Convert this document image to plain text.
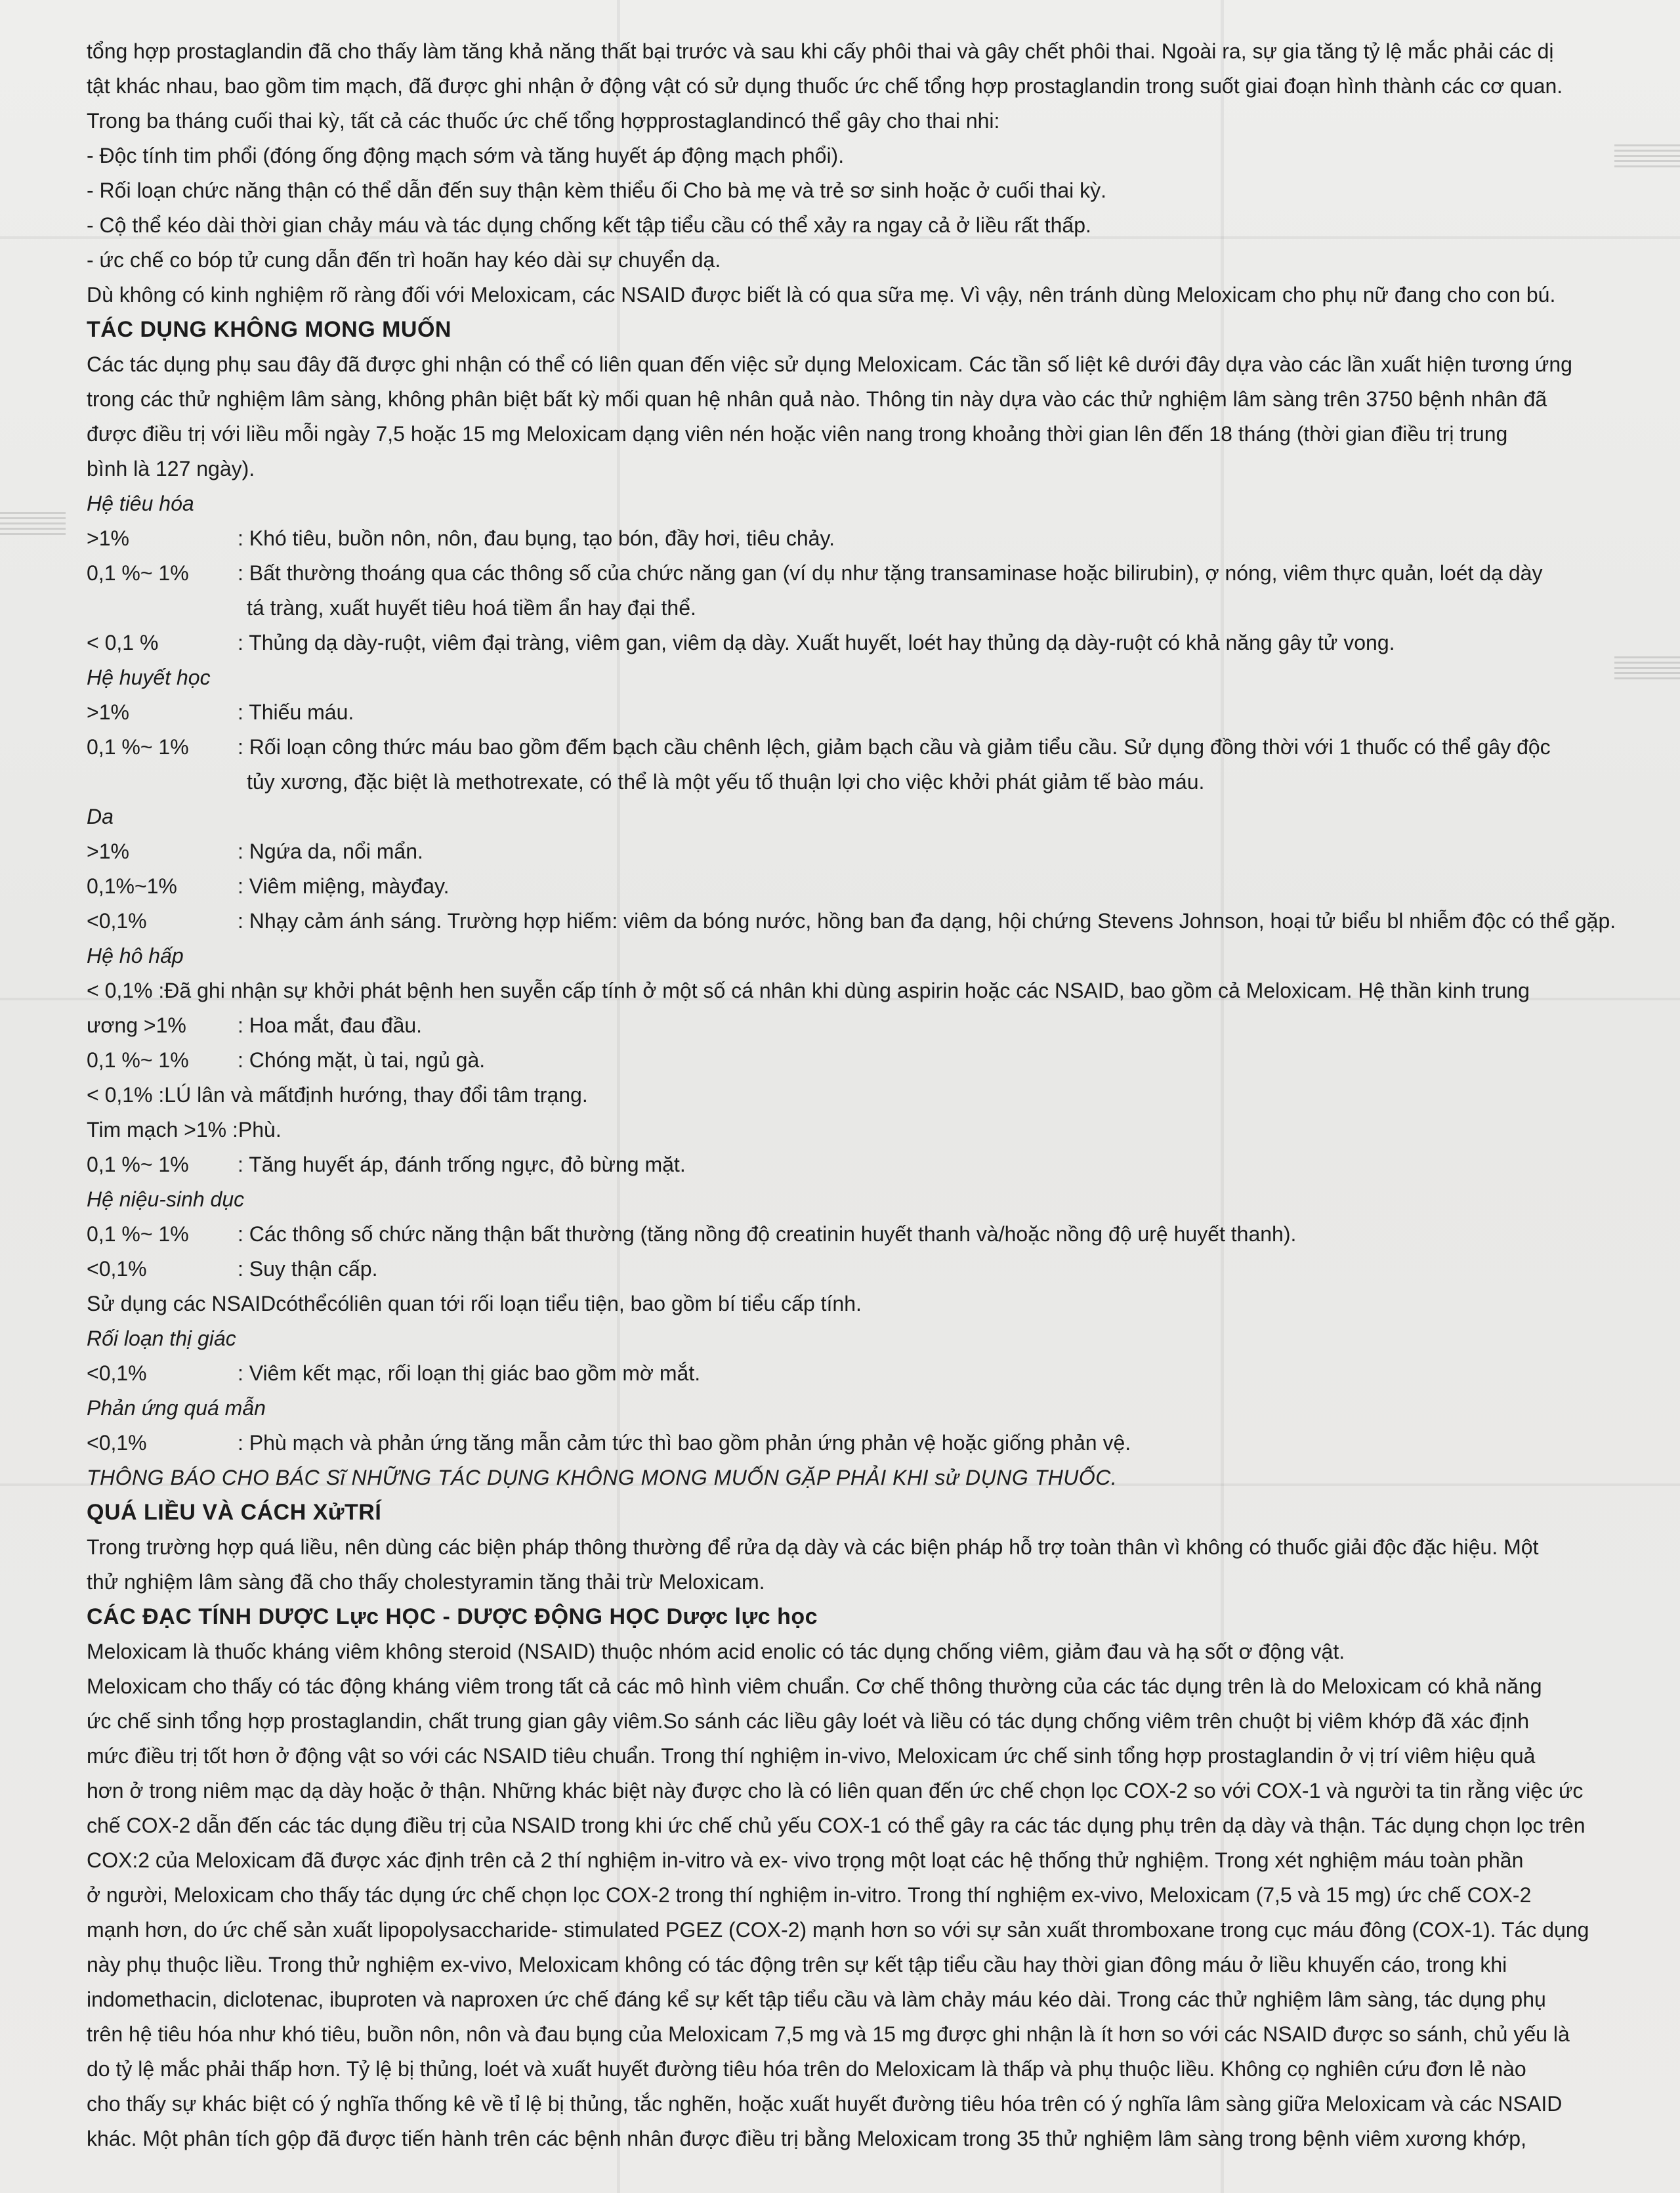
tổng hợp prostaglandin đã cho thấy làm tăng khả năng thất bại trước và sau khi cấy phôi thai và gây chết phôi thai. Ngoài ra, sự gia tăng tỷ lệ mắc phải các dị
tật khác nhau, bao gồm tim mạch, đã được ghi nhận ở động vật có sử dụng thuốc ức chế tổng hợp prostaglandin trong suốt giai đoạn hình thành các cơ quan.
Trong ba tháng cuối thai kỳ, tất cả các thuốc ức chế tổng hợpprostaglandincó thể gây cho thai nhi:
- Độc tính tim phổi (đóng ống động mạch sớm và tăng huyết áp động mạch phổi).
- Rối loạn chức năng thận có thể dẫn đến suy thận kèm thiểu ối Cho bà mẹ và trẻ sơ sinh hoặc ở cuối thai kỳ.
- Cộ thể kéo dài thời gian chảy máu và tác dụng chống kết tập tiểu cầu có thể xảy ra ngay cả ở liều rất thấp.
- ức chế co bóp tử cung dẫn đến trì hoãn hay kéo dài sự chuyển dạ.
Dù không có kinh nghiệm rõ ràng đối với Meloxicam, các NSAID được biết là có qua sữa mẹ. Vì vậy, nên tránh dùng Meloxicam cho phụ nữ đang cho con bú.
TÁC DỤNG KHÔNG MONG MUỐN
Các tác dụng phụ sau đây đã được ghi nhận có thể có liên quan đến việc sử dụng Meloxicam. Các tần số liệt kê dưới đây dựa vào các lần xuất hiện tương ứng
trong các thử nghiệm lâm sàng, không phân biệt bất kỳ mối quan hệ nhân quả nào. Thông tin này dựa vào các thử nghiệm lâm sàng trên 3750 bệnh nhân đã
được điều trị với liều mỗi ngày 7,5 hoặc 15 mg Meloxicam dạng viên nén hoặc viên nang trong khoảng thời gian lên đến 18 tháng (thời gian điều trị trung
bình là 127 ngày).
Hệ tiêu hóa
>1%	: Khó tiêu, buồn nôn, nôn, đau bụng, tạo bón, đầy hơi, tiêu chảy.
0,1 %~ 1%	: Bất thường thoáng qua các thông số của chức năng gan (ví dụ như tặng transaminase hoặc bilirubin), ợ nóng, viêm thực quản, loét dạ dày
tá tràng, xuất huyết tiêu hoá tiềm ẩn hay đại thể.
< 0,1 %	: Thủng dạ dày-ruột, viêm đại tràng, viêm gan, viêm dạ dày. Xuất huyết, loét hay thủng dạ dày-ruột có khả năng gây tử vong.
Hệ huyết học
>1%	: Thiếu máu.
0,1 %~ 1%	: Rối loạn công thức máu bao gồm đếm bạch cầu chênh lệch, giảm bạch cầu và giảm tiểu cầu. Sử dụng đồng thời với 1 thuốc có thể gây độc
tủy xương, đặc biệt là methotrexate, có thể là một yếu tố thuận lợi cho việc khởi phát giảm tế bào máu.
Da
>1%	: Ngứa da, nổi mẩn.
0,1%~1%	: Viêm miệng, màyđay.
<0,1%	: Nhạy cảm ánh sáng. Trường hợp hiếm: viêm da bóng nước, hồng ban đa dạng, hội chứng Stevens Johnson, hoại tử biểu bl nhiễm độc có thể gặp.
Hệ hô hấp
< 0,1% :Đã ghi nhận sự khởi phát bệnh hen suyễn cấp tính ở một số cá nhân khi dùng aspirin hoặc các NSAID, bao gồm cả Meloxicam. Hệ thần kinh trung
ương >1%	: Hoa mắt, đau đầu.
0,1 %~ 1%	: Chóng mặt, ù tai, ngủ gà.
< 0,1% :LÚ lân và mấtđịnh hướng, thay đổi tâm trạng.
Tim mạch >1% :Phù.
0,1 %~ 1%	: Tăng huyết áp, đánh trống ngực, đỏ bừng mặt.
Hệ niệu-sinh dục
0,1 %~ 1%	: Các thông số chức năng thận bất thường (tăng nồng độ creatinin huyết thanh và/hoặc nồng độ urệ huyết thanh).
<0,1%	: Suy thận cấp.
Sử dụng các NSAIDcóthểcóliên quan tới rối loạn tiểu tiện, bao gồm bí tiểu cấp tính.
Rối loạn thị giác
<0,1%	: Viêm kết mạc, rối loạn thị giác bao gồm mờ mắt.
Phản ứng quá mẫn
<0,1%	: Phù mạch và phản ứng tăng mẫn cảm tức thì bao gồm phản ứng phản vệ hoặc giống phản vệ.
THÔNG BÁO CHO BÁC Sĩ NHỮNG TÁC DỤNG KHÔNG MONG MUỐN GẶP PHẢI KHI sử DỤNG THUỐC.
QUÁ LIỀU VÀ CÁCH XửTRÍ
Trong trường hợp quá liều, nên dùng các biện pháp thông thường để rửa dạ dày và các biện pháp hỗ trợ toàn thân vì không có thuốc giải độc đặc hiệu. Một
thử nghiệm lâm sàng đã cho thấy cholestyramin tăng thải trừ Meloxicam.
CÁC ĐẠC TÍNH DƯỢC Lực HỌC - DƯỢC ĐỘNG HỌC Dược lực học
Meloxicam là thuốc kháng viêm không steroid (NSAID) thuộc nhóm acid enolic có tác dụng chống viêm, giảm đau và hạ sốt ơ động vật.
Meloxicam cho thấy có tác động kháng viêm trong tất cả các mô hình viêm chuẩn. Cơ chế thông thường của các tác dụng trên là do Meloxicam có khả năng
ức chế sinh tổng hợp prostaglandin, chất trung gian gây viêm.So sánh các liều gây loét và liều có tác dụng chống viêm trên chuột bị viêm khớp đã xác định
mức điều trị tốt hơn ở động vật so với các NSAID tiêu chuẩn. Trong thí nghiệm in-vivo, Meloxicam ức chế sinh tổng hợp prostaglandin ở vị trí viêm hiệu quả
hơn ở trong niêm mạc dạ dày hoặc ở thận. Những khác biệt này được cho là có liên quan đến ức chế chọn lọc COX-2 so với COX-1 và người ta tin rằng việc ức
chế COX-2 dẫn đến các tác dụng điều trị của NSAID trong khi ức chế chủ yếu COX-1 có thể gây ra các tác dụng phụ trên dạ dày và thận. Tác dụng chọn lọc trên
COX:2 của Meloxicam đã được xác định trên cả 2 thí nghiệm in-vitro và ex- vivo trọng một loạt các hệ thống thử nghiệm. Trong xét nghiệm máu toàn phần
ở người, Meloxicam cho thấy tác dụng ức chế chọn lọc COX-2 trong thí nghiệm in-vitro. Trong thí nghiệm ex-vivo, Meloxicam (7,5 và 15 mg) ức chế COX-2
mạnh hơn, do ức chế sản xuất lipopolysaccharide- stimulated PGEZ (COX-2) mạnh hơn so với sự sản xuất thromboxane trong cục máu đông (COX-1). Tác dụng
này phụ thuộc liều. Trong thử nghiệm ex-vivo, Meloxicam không có tác động trên sự kết tập tiểu cầu hay thời gian đông máu ở liều khuyến cáo, trong khi
indomethacin, diclotenac, ibuproten và naproxen ức chế đáng kể sự kết tập tiểu cầu và làm chảy máu kéo dài. Trong các thử nghiệm lâm sàng, tác dụng phụ
trên hệ tiêu hóa như khó tiêu, buồn nôn, nôn và đau bụng của Meloxicam 7,5 mg và 15 mg được ghi nhận là ít hơn so với các NSAID được so sánh, chủ yếu là
do tỷ lệ mắc phải thấp hơn. Tỷ lệ bị thủng, loét và xuất huyết đường tiêu hóa trên do Meloxicam là thấp và phụ thuộc liều. Không cọ nghiên cứu đơn lẻ nào
cho thấy sự khác biệt có ý nghĩa thống kê về tỉ lệ bị thủng, tắc nghẽn, hoặc xuất huyết đường tiêu hóa trên có ý nghĩa lâm sàng giữa Meloxicam và các NSAID
khác. Một phân tích gộp đã được tiến hành trên các bệnh nhân được điều trị bằng Meloxicam trong 35 thử nghiệm lâm sàng trong bệnh viêm xương khớp,
